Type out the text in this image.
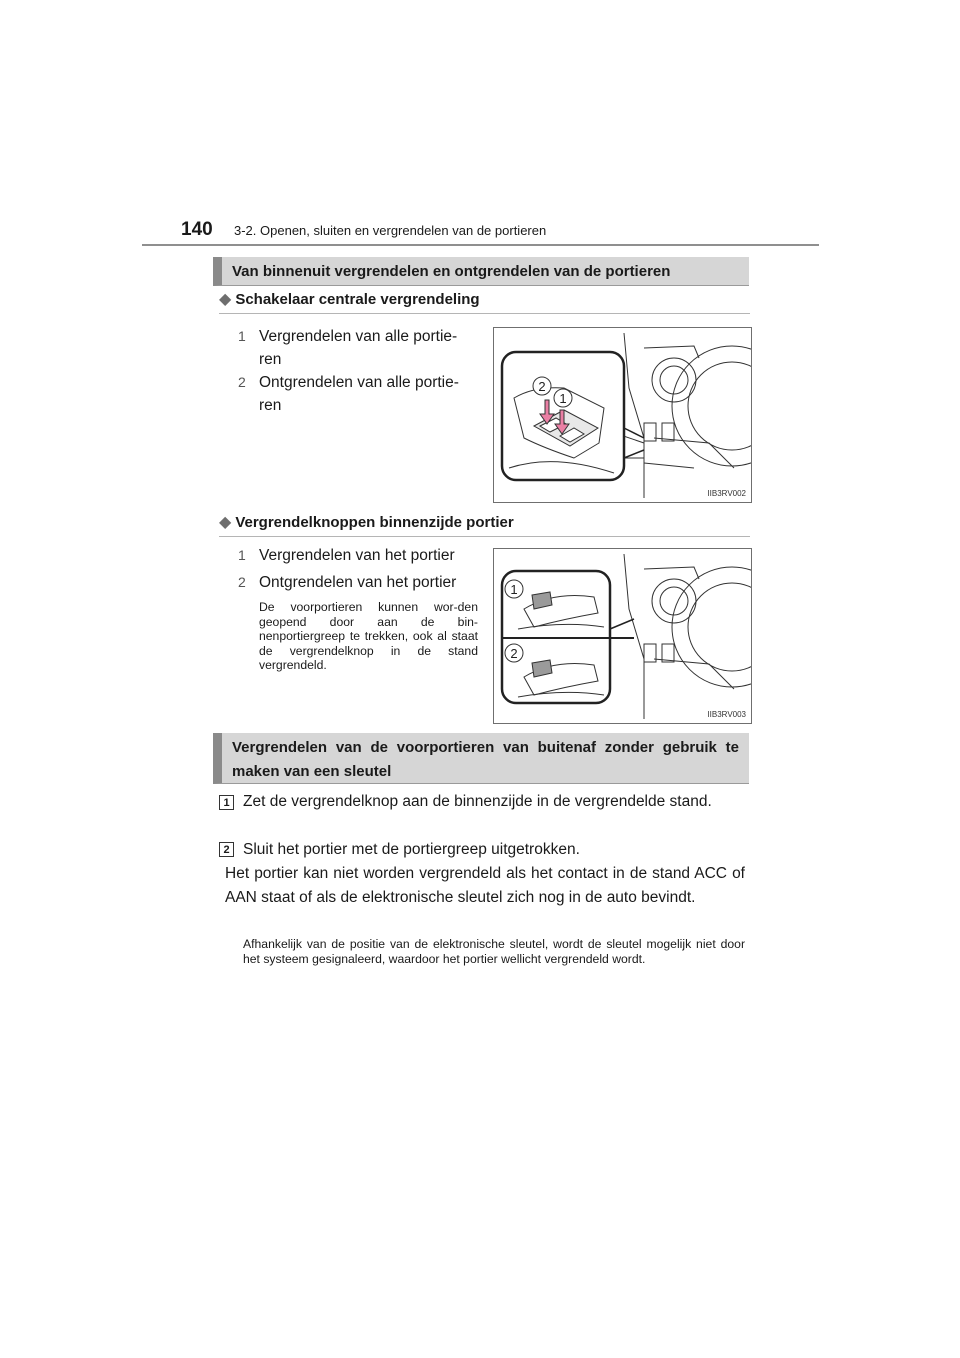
140 3-2. Openen, sluiten en vergrendelen van de portieren
Van binnenuit vergrendelen en ontgrendelen van de portieren
◆ Schakelaar centrale vergrendeling
1 Vergrendelen van alle portie-ren
2 Ontgrendelen van alle portie-ren
2
1
IIB3RV002
◆ Vergrendelknoppen binnenzijde portier
1 Vergrendelen van het portier
2 Ontgrendelen van het portier
De voorportieren kunnen wor-den geopend door aan de bin-nenportiergreep te trekken, ook al staat de vergrendelknop in de stand vergrendeld.
1
2
IIB3RV003
Vergrendelen van de voorportieren van buitenaf zonder gebruik te maken van een sleutel
1 Zet de vergrendelknop aan de binnenzijde in de vergrendelde stand.
2 Sluit het portier met de portiergreep uitgetrokken.
Het portier kan niet worden vergrendeld als het contact in de stand ACC of AAN staat of als de elektronische sleutel zich nog in de auto bevindt.
Afhankelijk van de positie van de elektronische sleutel, wordt de sleutel mogelijk niet door het systeem gesignaleerd, waardoor het portier wellicht vergrendeld wordt.
